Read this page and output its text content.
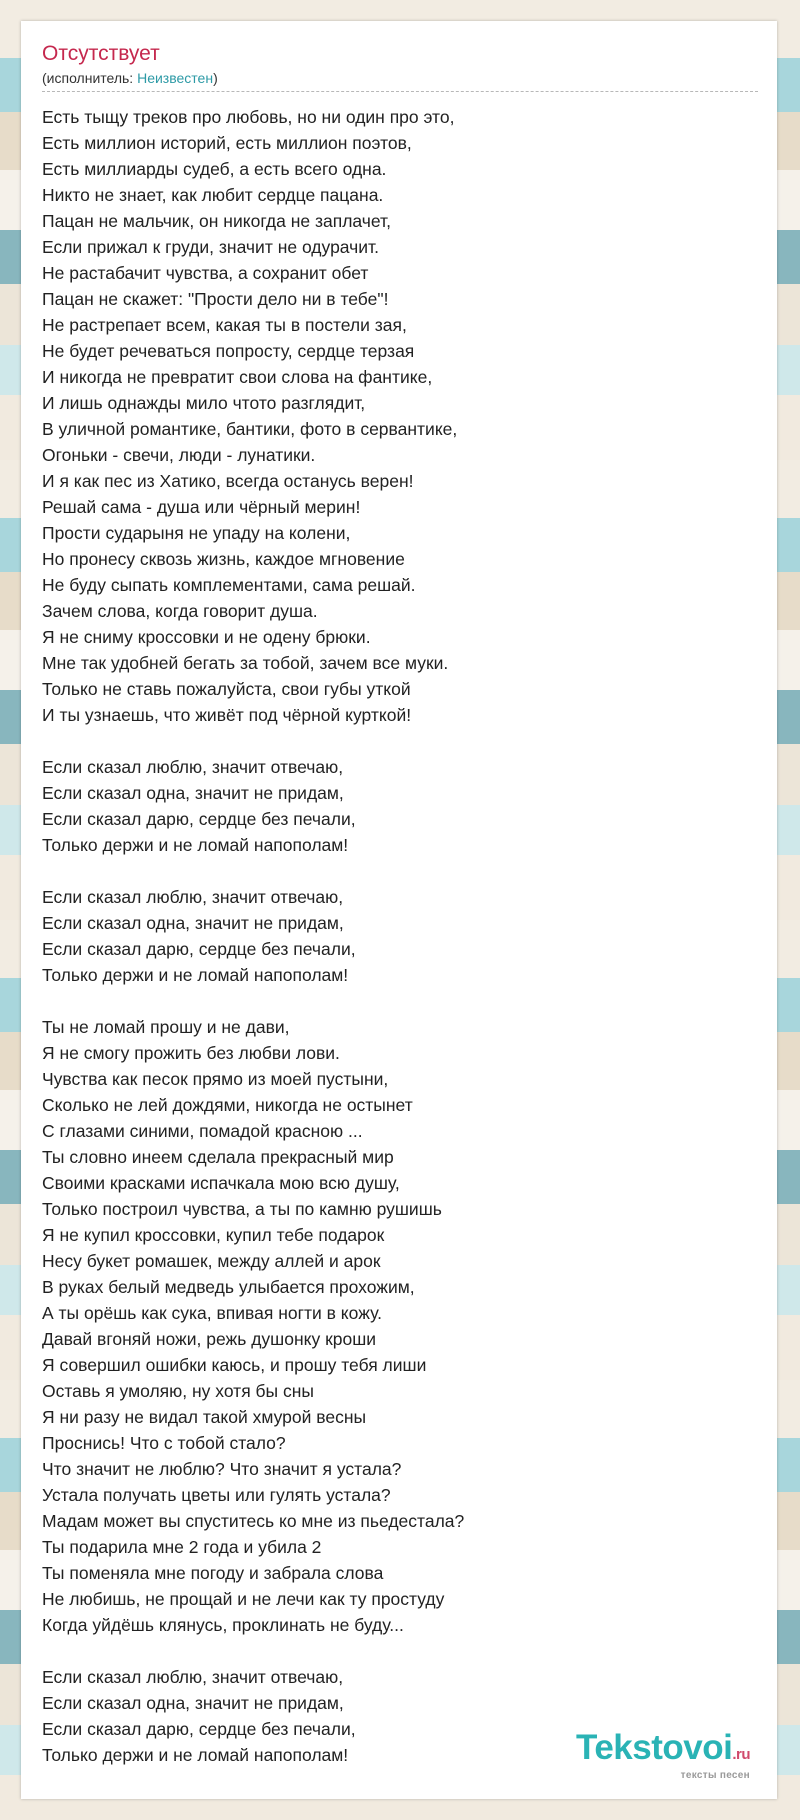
Отсутствует
(исполнитель: Неизвестен)
Есть тыщу треков про любовь, но ни один про это,
Есть миллион историй, есть миллион поэтов,
Есть миллиарды судеб, а есть всего одна.
Никто не знает, как любит сердце пацана.
Пацан не мальчик, он никогда не заплачет,
Если прижал к груди, значит не одурачит.
Не растабачит чувства, а сохранит обет
Пацан не скажет: "Прости дело ни в тебе"!
Не растрепает всем, какая ты в постели зая,
Не будет речеваться попросту, сердце терзая
И никогда не превратит свои слова на фантике,
И лишь однажды мило чтото разглядит,
В уличной романтике, бантики, фото в сервантике,
Огоньки - свечи, люди - лунатики.
И я как пес из Хатико, всегда останусь верен!
Решай сама - душа или чёрный мерин!
Прости сударыня не упаду на колени,
Но пронесу сквозь жизнь, каждое мгновение
Не буду сыпать комплементами, сама решай.
Зачем слова, когда говорит душа.
Я не сниму кроссовки и не одену брюки.
Мне так удобней бегать за тобой, зачем все муки.
Только не ставь пожалуйста, свои губы уткой
И ты узнаешь, что живёт под чёрной курткой!
Если сказал люблю, значит отвечаю,
Если сказал одна, значит не придам,
Если сказал дарю, сердце без печали,
Только держи и не ломай напополам!
Если сказал люблю, значит отвечаю,
Если сказал одна, значит не придам,
Если сказал дарю, сердце без печали,
Только держи и не ломай напополам!
Ты не ломай прошу и не дави,
Я не смогу прожить без любви лови.
Чувства как песок прямо из моей пустыни,
Сколько не лей дождями, никогда не остынет
С глазами синими, помадой красною ...
Ты словно инеем сделала прекрасный мир
Своими красками испачкала мою всю душу,
Только построил чувства, а ты по камню рушишь
Я не купил кроссовки, купил тебе подарок
Несу букет ромашек, между аллей и арок
В руках белый медведь улыбается прохожим,
А ты орёшь как сука, впивая ногти в кожу.
Давай вгоняй ножи, режь душонку кроши
Я совершил ошибки каюсь, и прошу тебя лиши
Оставь я умоляю, ну хотя бы сны
Я ни разу не видал такой хмурой весны
Проснись! Что с тобой стало?
Что значит не люблю? Что значит я устала?
Устала получать цветы или гулять устала?
Мадам может вы спуститесь ко мне из пьедестала?
Ты подарила мне 2 года и убила 2
Ты поменяла мне погоду и забрала слова
Не любишь, не прощай и не лечи как ту простуду
Когда уйдёшь клянусь, проклинать не буду...
Если сказал люблю, значит отвечаю,
Если сказал одна, значит не придам,
Если сказал дарю, сердце без печали,
Только держи и не ломай напополам!	Tekstovoi.ru
тексты песен
